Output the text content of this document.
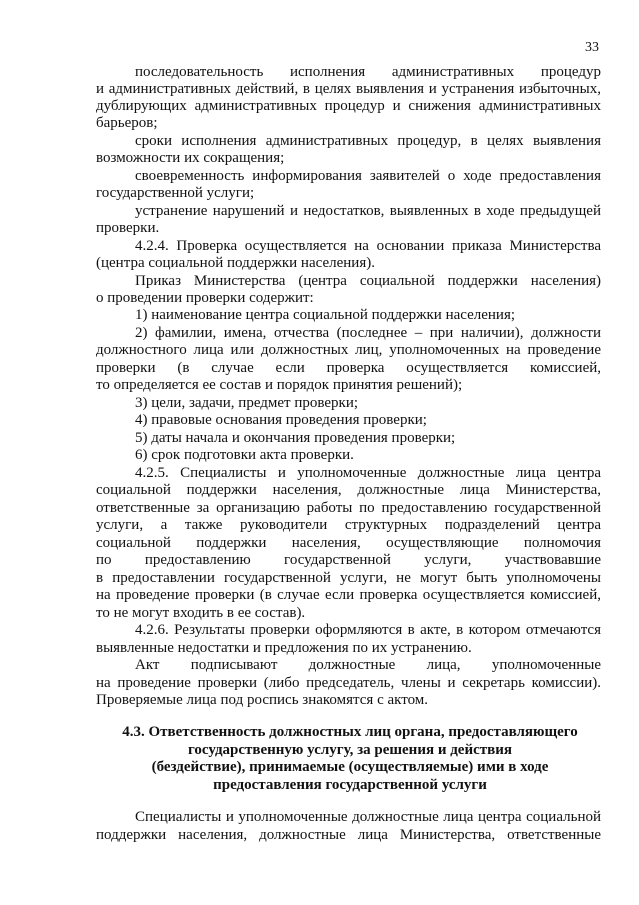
33
последовательность исполнения административных процедур
и административных действий, в целях выявления и устранения избыточных,
дублирующих административных процедур и снижения административных
барьеров;
сроки исполнения административных процедур, в целях выявления
возможности их сокращения;
своевременность информирования заявителей о ходе предоставления
государственной услуги;
устранение нарушений и недостатков, выявленных в ходе предыдущей
проверки.
4.2.4. Проверка осуществляется на основании приказа Министерства
(центра социальной поддержки населения).
Приказ Министерства (центра социальной поддержки населения)
о проведении проверки содержит:
1) наименование центра социальной поддержки населения;
2) фамилии, имена, отчества (последнее – при наличии), должности
должностного лица или должностных лиц, уполномоченных на проведение
проверки (в случае если проверка осуществляется комиссией,
то определяется ее состав и порядок принятия решений);
3) цели, задачи, предмет проверки;
4) правовые основания проведения проверки;
5) даты начала и окончания проведения проверки;
6) срок подготовки акта проверки.
4.2.5. Специалисты и уполномоченные должностные лица центра
социальной поддержки населения, должностные лица Министерства,
ответственные за организацию работы по предоставлению государственной
услуги, а также руководители структурных подразделений центра
социальной поддержки населения, осуществляющие полномочия
по предоставлению государственной услуги, участвовавшие
в предоставлении государственной услуги, не могут быть уполномочены
на проведение проверки (в случае если проверка осуществляется комиссией,
то не могут входить в ее состав).
4.2.6. Результаты проверки оформляются в акте, в котором отмечаются
выявленные недостатки и предложения по их устранению.
Акт подписывают должностные лица, уполномоченные
на проведение проверки (либо председатель, члены и секретарь комиссии).
Проверяемые лица под роспись знакомятся с актом.
4.3. Ответственность должностных лиц органа, предоставляющего
государственную услугу, за решения и действия
(бездействие), принимаемые (осуществляемые) ими в ходе
предоставления государственной услуги
Специалисты и уполномоченные должностные лица центра социальной
поддержки населения, должностные лица Министерства, ответственные
